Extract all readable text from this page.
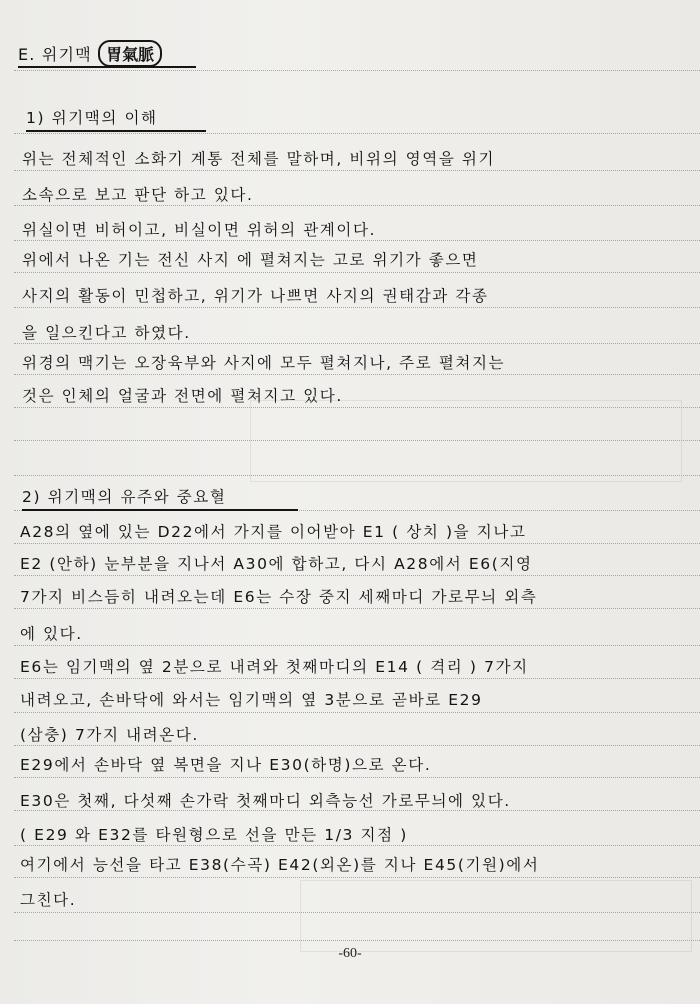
E. 위기맥 胃氣脈
1) 위기맥의 이해
위는 전체적인 소화기 계통 전체를 말하며, 비위의 영역을 위기
소속으로 보고 판단 하고 있다.
위실이면 비허이고, 비실이면 위허의 관계이다.
위에서 나온 기는 전신 사지 에 펼쳐지는 고로 위기가 좋으면
사지의 활동이 민첩하고, 위기가 나쁘면 사지의 권태감과 각종
을 일으킨다고 하였다.
위경의 맥기는 오장육부와 사지에 모두 펼쳐지나, 주로 펼쳐지는
것은 인체의 얼굴과 전면에 펼쳐지고 있다.
2) 위기맥의 유주와 중요혈
A28의 옆에 있는 D22에서 가지를 이어받아 E1 ( 상치 )을 지나고
E2 (안하) 눈부분을 지나서 A30에 합하고, 다시 A28에서 E6(지영
7가지 비스듬히 내려오는데 E6는 수장 중지 세째마디 가로무늬 외측
에 있다.
E6는 임기맥의 옆 2분으로 내려와 첫째마디의 E14 ( 격리 ) 7가지
내려오고, 손바닥에 와서는 임기맥의 옆 3분으로 곧바로 E29
(삼충) 7가지 내려온다.
E29에서 손바닥 옆 복면을 지나 E30(하명)으로 온다.
E30은 첫째, 다섯째 손가락 첫째마디 외측능선 가로무늬에 있다.
( E29 와 E32를 타원형으로 선을 만든 1/3 지점 )
여기에서 능선을 타고 E38(수곡) E42(외온)를 지나 E45(기원)에서
그친다.
-60-
